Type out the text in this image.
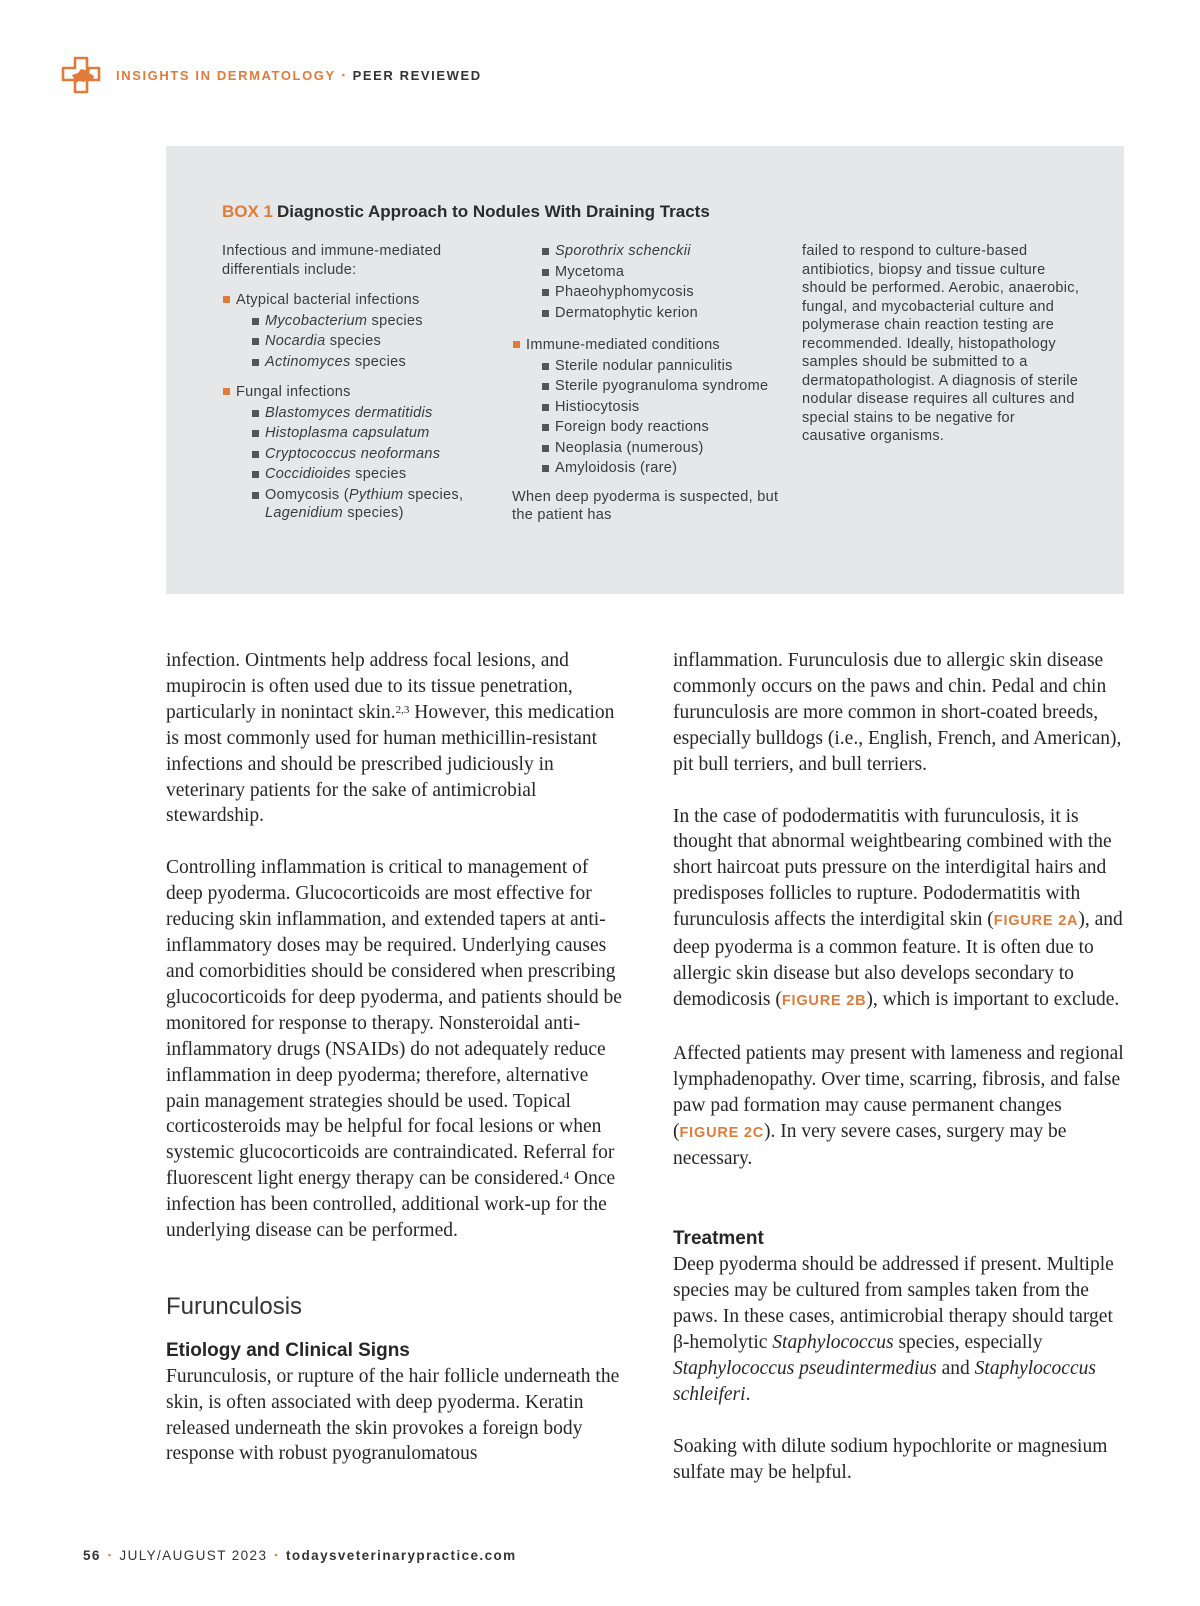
INSIGHTS IN DERMATOLOGY ▪ PEER REVIEWED
BOX 1 Diagnostic Approach to Nodules With Draining Tracts

Infectious and immune-mediated differentials include:

Atypical bacterial infections
Mycobacterium species
Nocardia species
Actinomyces species
Fungal infections
Blastomyces dermatitidis
Histoplasma capsulatum
Cryptococcus neoformans
Coccidioides species
Oomycosis (Pythium species, Lagenidium species)
Sporothrix schenckii
Mycetoma
Phaeohyphomycosis
Dermatophytic kerion
Immune-mediated conditions
Sterile nodular panniculitis
Sterile pyogranuloma syndrome
Histiocytosis
Foreign body reactions
Neoplasia (numerous)
Amyloidosis (rare)

When deep pyoderma is suspected, but the patient has

failed to respond to culture-based antibiotics, biopsy and tissue culture should be performed. Aerobic, anaerobic, fungal, and mycobacterial culture and polymerase chain reaction testing are recommended. Ideally, histopathology samples should be submitted to a dermatopathologist. A diagnosis of sterile nodular disease requires all cultures and special stains to be negative for causative organisms.

infection. Ointments help address focal lesions, and mupirocin is often used due to its tissue penetration, particularly in nonintact skin.$^{2,3}$ However, this medication is most commonly used for human methicillin-resistant infections and should be prescribed judiciously in veterinary patients for the sake of antimicrobial stewardship.

Controlling inflammation is critical to management of deep pyoderma. Glucocorticoids are most effective for reducing skin inflammation, and extended tapers at anti-inflammatory doses may be required. Underlying causes and comorbidities should be considered when prescribing glucocorticoids for deep pyoderma, and patients should be monitored for response to therapy. Nonsteroidal anti-inflammatory drugs (NSAIDs) do not adequately reduce inflammation in deep pyoderma; therefore, alternative pain management strategies should be used. Topical corticosteroids may be helpful for focal lesions or when systemic glucocorticoids are contraindicated. Referral for fluorescent light energy therapy can be considered.$^4$ Once infection has been controlled, additional work-up for the underlying disease can be performed.

Furunculosis
Etiology and Clinical Signs

Furunculosis, or rupture of the hair follicle underneath the skin, is often associated with deep pyoderma. Keratin released underneath the skin provokes a foreign body response with robust pyogranulomatous

inflammation. Furunculosis due to allergic skin disease commonly occurs on the paws and chin. Pedal and chin furunculosis are more common in short-coated breeds, especially bulldogs (i.e., English, French, and American), pit bull terriers, and bull terriers.

In the case of pododermatitis with furunculosis, it is thought that abnormal weightbearing combined with the short haircoat puts pressure on the interdigital hairs and predisposes follicles to rupture. Pododermatitis with furunculosis affects the interdigital skin (FIGURE 2A), and deep pyoderma is a common feature. It is often due to allergic skin disease but also develops secondary to demodicosis (FIGURE 2B), which is important to exclude.

Affected patients may present with lameness and regional lymphadenopathy. Over time, scarring, fibrosis, and false paw pad formation may cause permanent changes (FIGURE 2C). In very severe cases, surgery may be necessary.

Treatment

Deep pyoderma should be addressed if present. Multiple species may be cultured from samples taken from the paws. In these cases, antimicrobial therapy should target β-hemolytic Staphylococcus species, especially Staphylococcus pseudintermedius and Staphylococcus schleiferi.

Soaking with dilute sodium hypochlorite or magnesium sulfate may be helpful.

56 ▪ JULY/AUGUST 2023 ▪ todaysveterinarypractice.com
